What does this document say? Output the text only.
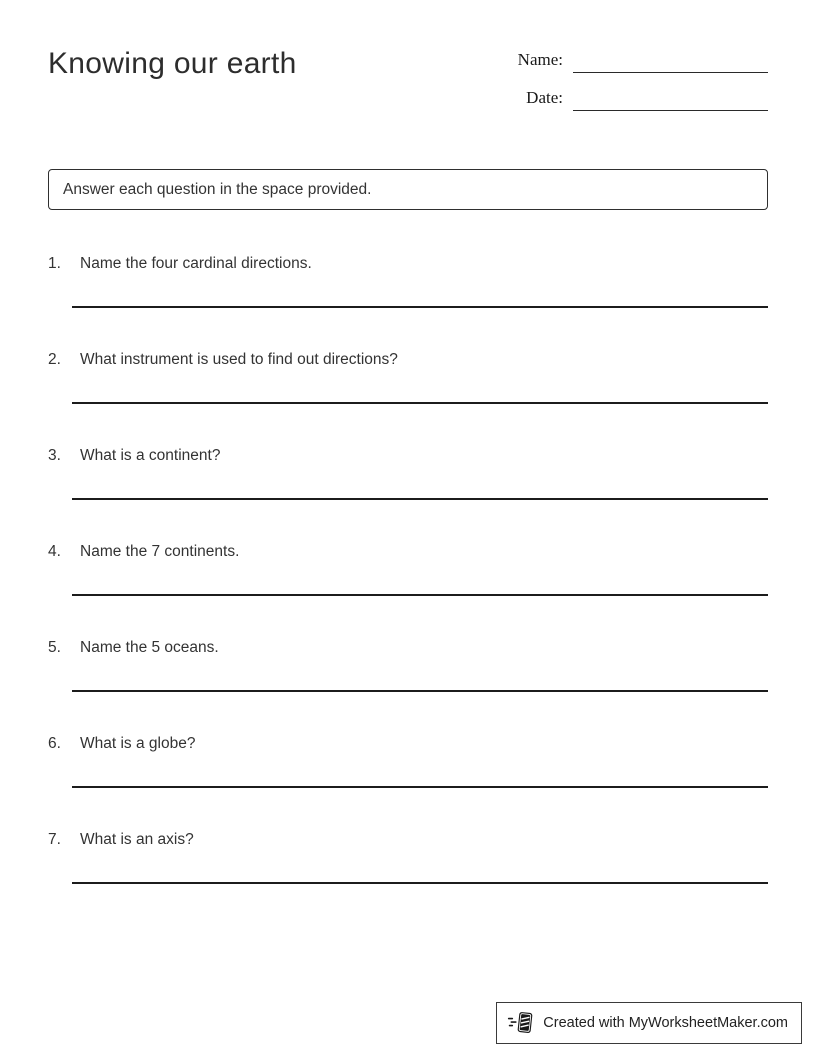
Knowing our earth	Name:
Date:
Answer each question in the space provided.
1.	Name the four cardinal directions.
2.	What instrument is used to find out directions?
3.	What is a continent?
4.	Name the 7 continents.
5.	Name the 5 oceans.
6.	What is a globe?
7.	What is an axis?
Created with MyWorksheetMaker.com
